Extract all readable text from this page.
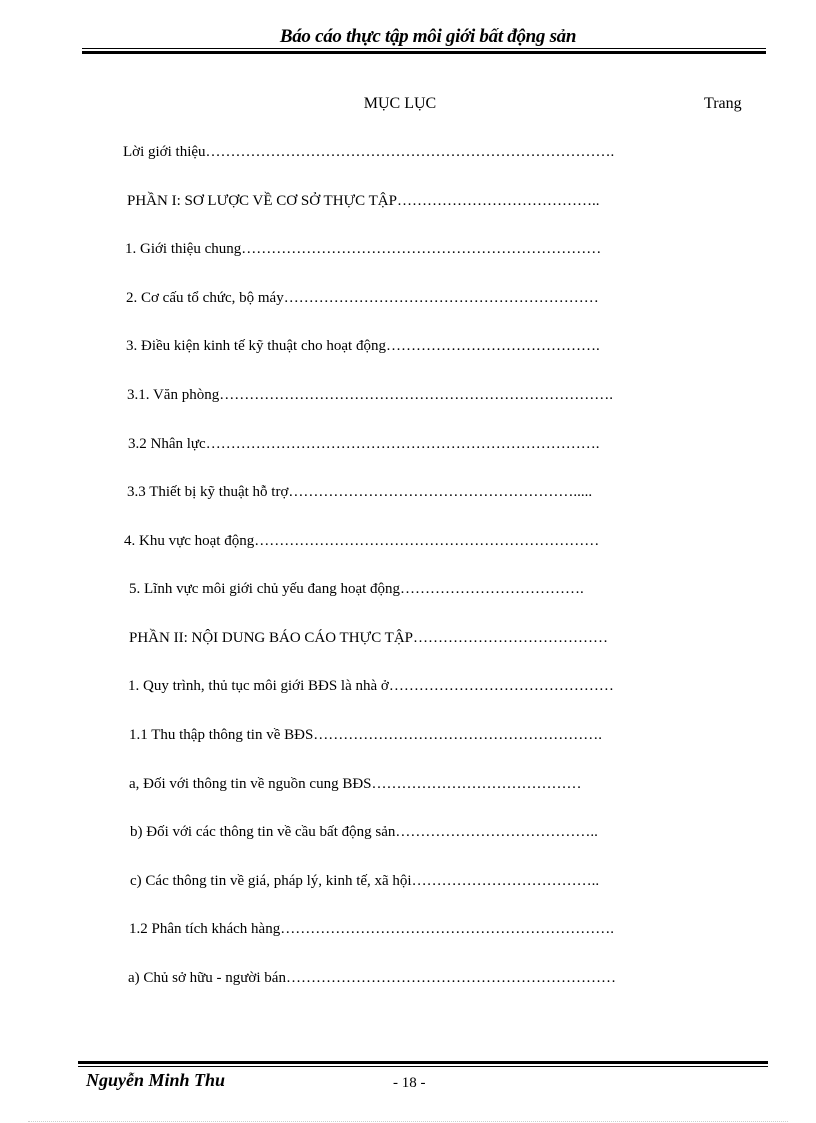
Báo cáo thực tập môi giới bất động sản
MỤC LỤC	Trang
Lời giới thiệu……………………………………………………………………….
PHẦN I: SƠ LƯỢC VỀ CƠ SỞ THỰC TẬP…………………………………..
1. Giới thiệu chung………………………………………………………………
2. Cơ cấu tổ chức, bộ máy………………………………………………………
3. Điều kiện kinh tế kỹ thuật cho hoạt động…………………………………….
3.1. Văn phòng…………………………………………………………………….
3.2 Nhân lực…………………………………………………………………….
3.3 Thiết bị kỹ thuật hỗ trợ………………………………………………….....
4. Khu vực hoạt động……………………………………………………………
5. Lĩnh vực môi giới chủ yếu đang hoạt động……………………………….
PHẦN II: NỘI DUNG BÁO CÁO THỰC TẬP…………………………………
1. Quy trình, thủ tục môi giới BĐS là nhà ở………………………………………
1.1 Thu thập thông tin về BĐS………………………………………………….
a, Đối với thông tin về nguồn cung BĐS……………………………………
b) Đối với các thông tin về cầu bất động sản…………………………………..
c) Các thông tin về giá, pháp lý, kinh tế, xã hội………………………………..
1.2 Phân tích khách hàng………………………………………………………….
a) Chủ sở hữu - người bán…………………………………………………………
Nguyễn Minh Thu	- 18 -
